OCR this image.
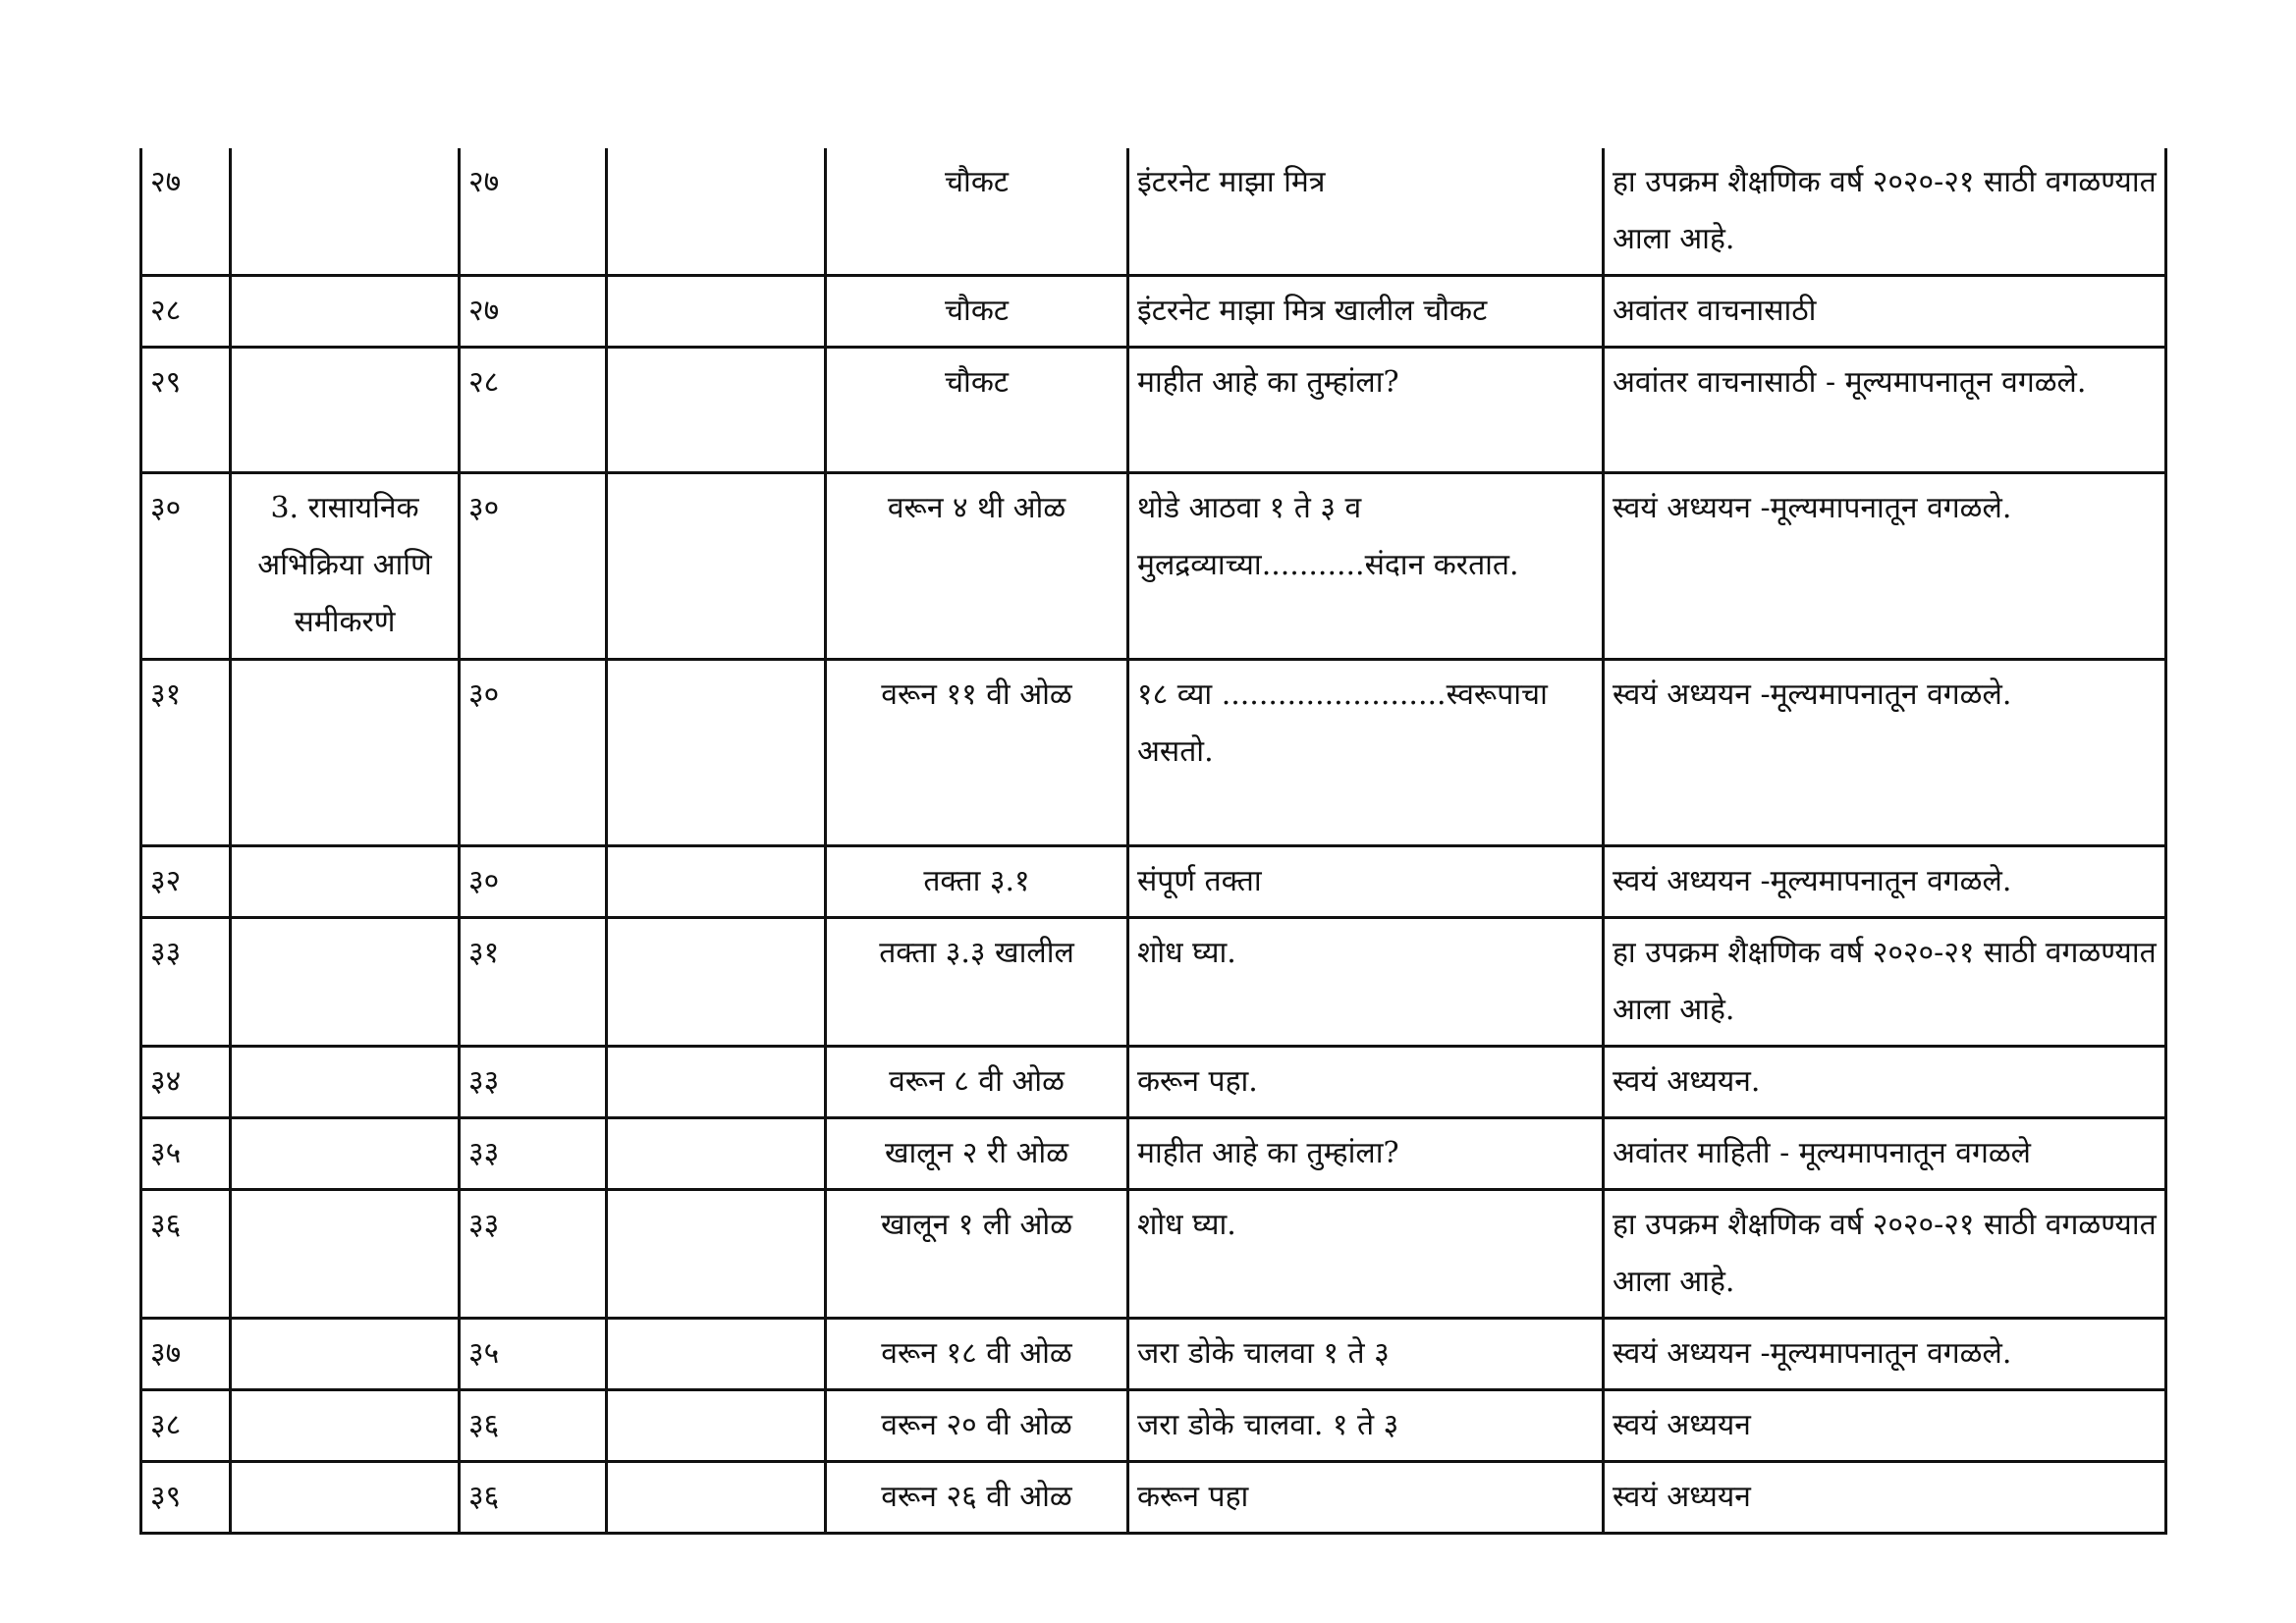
२७		२७		चौकट	इंटरनेट माझा मित्र	हा उपक्रम शैक्षणिक वर्ष २०२०-२१ साठी वगळण्यात आला आहे.
२८		२७		चौकट	इंटरनेट माझा मित्र खालील चौकट	अवांतर वाचनासाठी
२९		२८		चौकट	माहीत आहे का तुम्हांला?	अवांतर वाचनासाठी - मूल्यमापनातून वगळले.
३०	3. रासायनिक अभिक्रिया आणि समीकरणे	३०		वरून ४ थी ओळ	थोडे आठवा १ ते ३ व मुलद्रव्याच्या...........संदान करतात.	स्वयं अध्ययन -मूल्यमापनातून वगळले.
३१		३०		वरून ११ वी ओळ	१८ व्या ........................स्वरूपाचा असतो.	स्वयं अध्ययन -मूल्यमापनातून वगळले.
३२		३०		तक्ता ३.१	संपूर्ण तक्ता	स्वयं अध्ययन -मूल्यमापनातून वगळले.
३३		३१		तक्ता ३.३ खालील	शोध घ्या.	हा उपक्रम शैक्षणिक वर्ष २०२०-२१ साठी वगळण्यात आला आहे.
३४		३३		वरून ८ वी ओळ	करून पहा.	स्वयं अध्ययन.
३५		३३		खालून २ री ओळ	माहीत आहे का तुम्हांला?	अवांतर माहिती - मूल्यमापनातून वगळले
३६		३३		खालून १ ली ओळ	शोध घ्या.	हा उपक्रम शैक्षणिक वर्ष २०२०-२१ साठी वगळण्यात आला आहे.
३७		३५		वरून १८ वी ओळ	जरा डोके चालवा १ ते ३	स्वयं अध्ययन -मूल्यमापनातून वगळले.
३८		३६		वरून २० वी ओळ	जरा डोके चालवा. १ ते ३	स्वयं अध्ययन
३९		३६		वरून २६ वी ओळ	करून पहा	स्वयं अध्ययन
